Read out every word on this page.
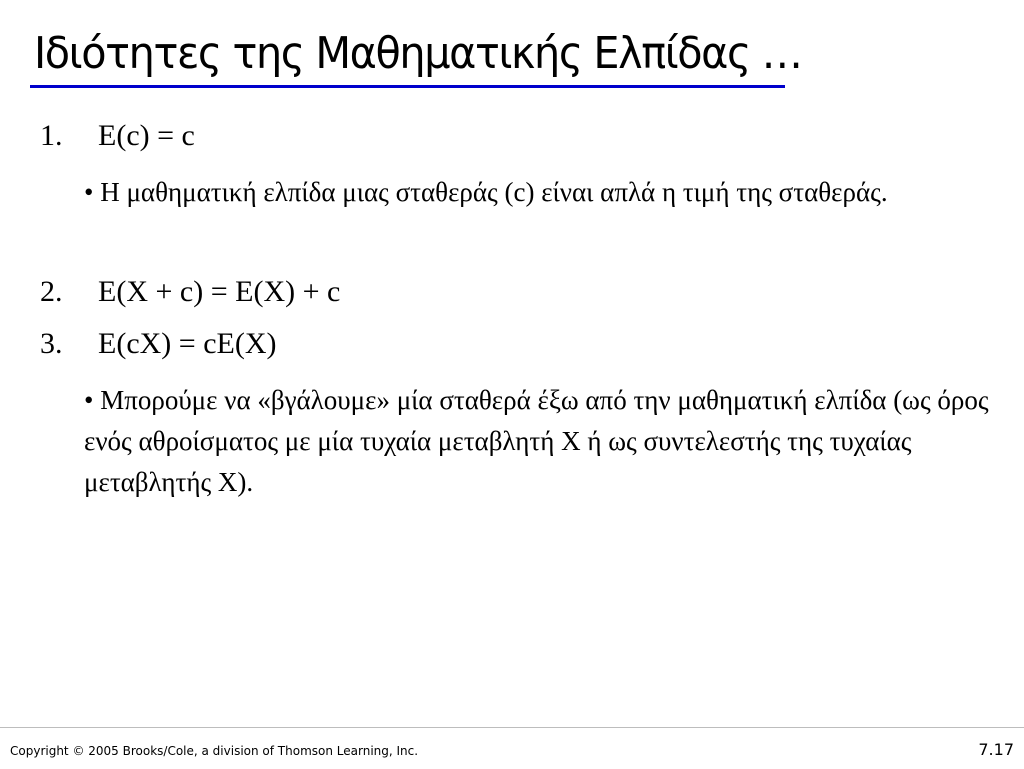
Ιδιότητες της Μαθηματικής Ελπίδας …
1.	E(c) = c
• Η μαθηματική ελπίδα μιας σταθεράς (c) είναι απλά η τιμή της σταθεράς.
2.	E(X + c) = E(X) + c
3.	E(cX) = cE(X)
• Μπορούμε να «βγάλουμε» μία σταθερά έξω από την μαθηματική ελπίδα (ως όρος ενός αθροίσματος με μία τυχαία μεταβλητή X ή ως συντελεστής της τυχαίας μεταβλητής X).
Copyright © 2005 Brooks/Cole, a division of Thomson Learning, Inc.	7.17
